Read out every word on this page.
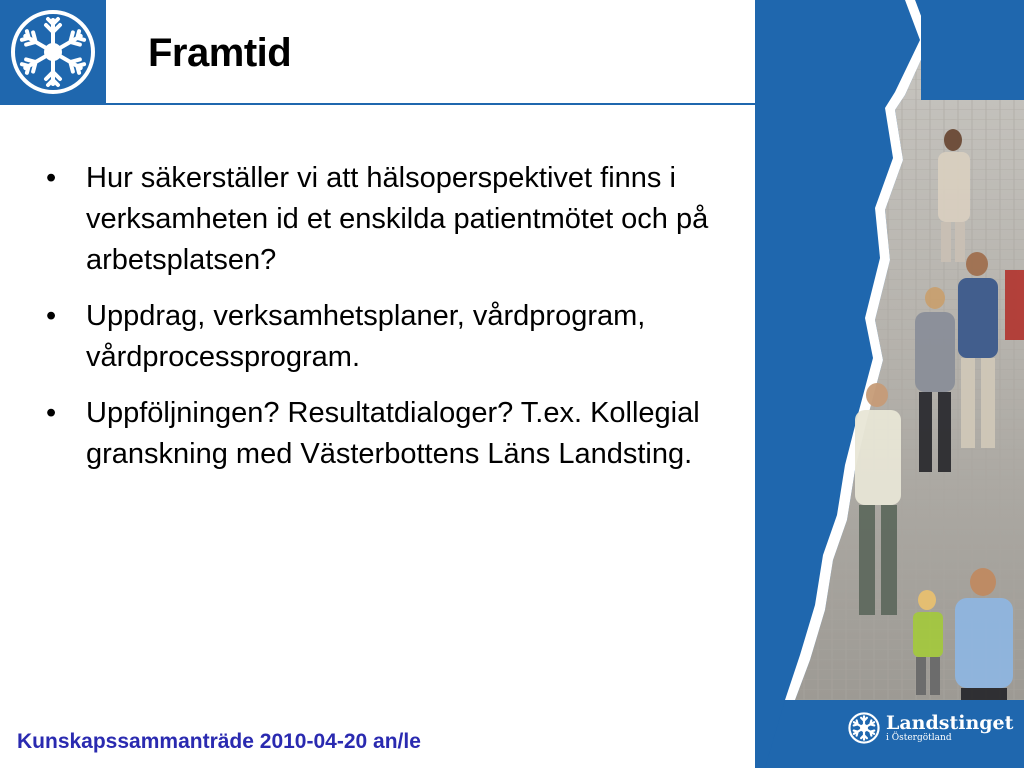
Framtid
• Hur säkerställer vi att hälsoperspektivet finns i verksamheten id et enskilda patientmötet och på arbetsplatsen?
• Uppdrag, verksamhetsplaner, vårdprogram, vårdprocessprogram.
• Uppföljningen? Resultatdialoger? T.ex. Kollegial granskning med Västerbottens Läns Landsting.
Kunskapssammanträde 2010-04-20 an/le
Landstinget
i Östergötland
